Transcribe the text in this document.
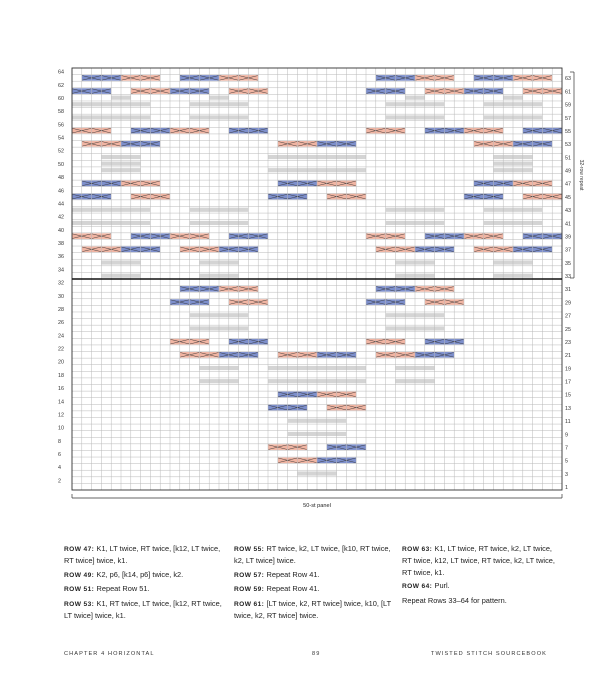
64
62
60
58
56
54
52
50
48
46
44
42
40
38
36
34
32
30
28
26
24
22
20
18
16
14
12
10
8
6
4
2
63
61
59
57
55
53
51
49
47
45
43
41
39
37
35
33
31
29
27
25
23
21
19
17
15
13
11
9
7
5
3
1
32-row repeat
50-st panel

ROW 47: K1, LT twice, RT twice, [k12, LT twice, RT twice] twice, k1.

ROW 49: K2, p6, [k14, p6] twice, k2.

ROW 51: Repeat Row 51.

ROW 53: K1, RT twice, LT twice, [k12, RT twice, LT twice] twice, k1.

ROW 55: RT twice, k2, LT twice, [k10, RT twice, k2, LT twice] twice.

ROW 57: Repeat Row 41.

ROW 59: Repeat Row 41.

ROW 61: [LT twice, k2, RT twice] twice, k10, [LT twice, k2, RT twice] twice.

ROW 63: K1, LT twice, RT twice, k2, LT twice, RT twice, k12, LT twice, RT twice, k2, LT twice, RT twice, k1.

ROW 64: Purl.

Repeat Rows 33–64 for pattern.

CHAPTER 4 HORIZONTAL	89	TWISTED STITCH SOURCEBOOK
